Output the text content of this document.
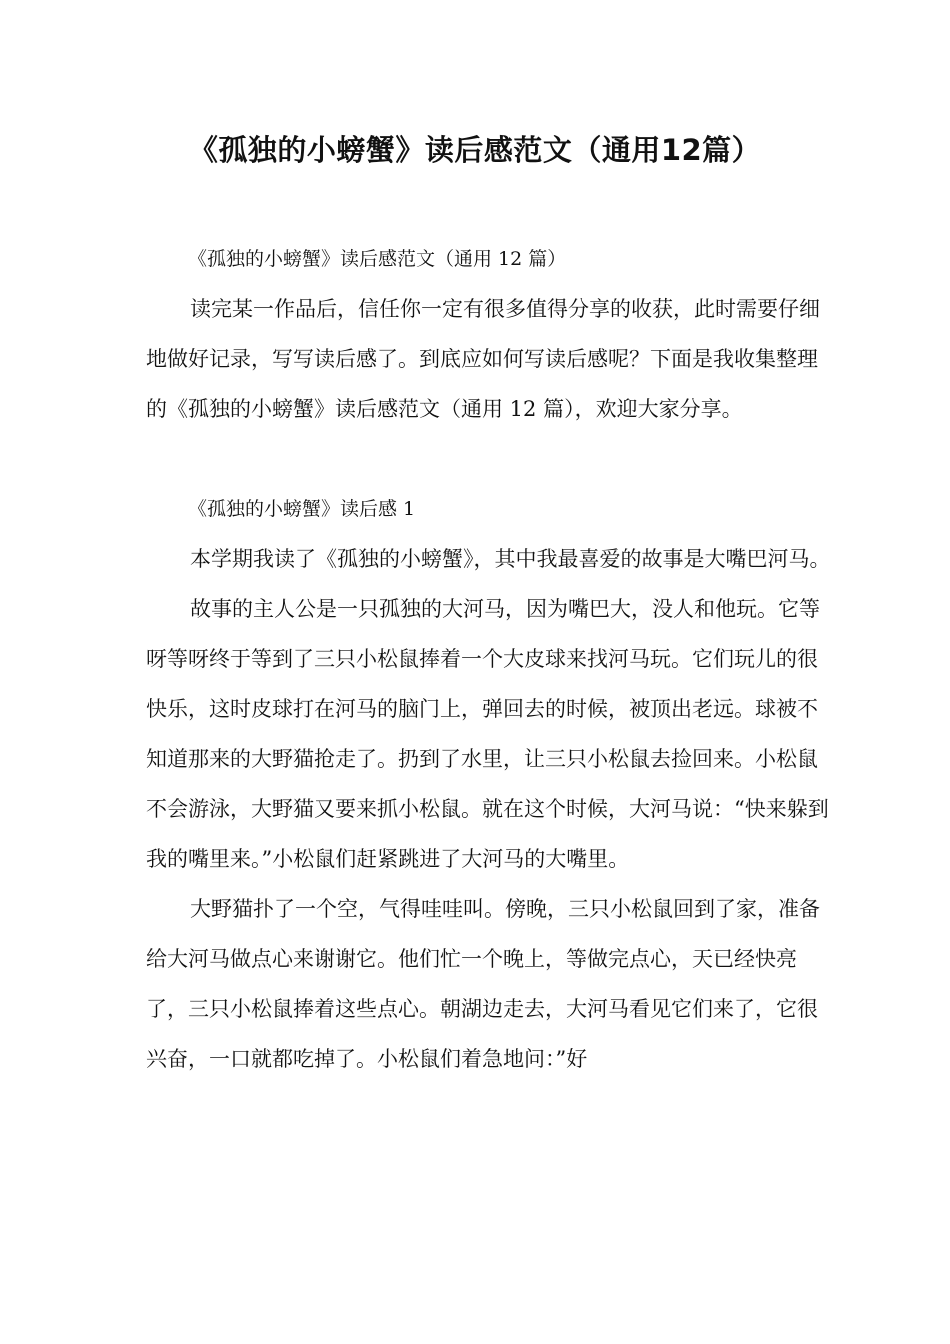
《孤独的小螃蟹》读后感范文（通用12篇）

《孤独的小螃蟹》读后感范文（通用 12 篇）

读完某一作品后，信任你一定有很多值得分享的收获，此时需要仔细地做好记录，写写读后感了。到底应如何写读后感呢？下面是我收集整理的《孤独的小螃蟹》读后感范文（通用 12 篇），欢迎大家分享。

《孤独的小螃蟹》读后感 1

本学期我读了《孤独的小螃蟹》，其中我最喜爱的故事是大嘴巴河马。

故事的主人公是一只孤独的大河马，因为嘴巴大，没人和他玩。它等呀等呀终于等到了三只小松鼠捧着一个大皮球来找河马玩。它们玩儿的很快乐，这时皮球打在河马的脑门上，弹回去的时候，被顶出老远。球被不知道那来的大野猫抢走了。扔到了水里，让三只小松鼠去捡回来。小松鼠不会游泳，大野猫又要来抓小松鼠。就在这个时候，大河马说：“快来躲到我的嘴里来。”小松鼠们赶紧跳进了大河马的大嘴里。

大野猫扑了一个空，气得哇哇叫。傍晚，三只小松鼠回到了家，准备给大河马做点心来谢谢它。他们忙一个晚上，等做完点心，天已经快亮了，三只小松鼠捧着这些点心。朝湖边走去，大河马看见它们来了，它很兴奋，一口就都吃掉了。小松鼠们着急地问：”好
